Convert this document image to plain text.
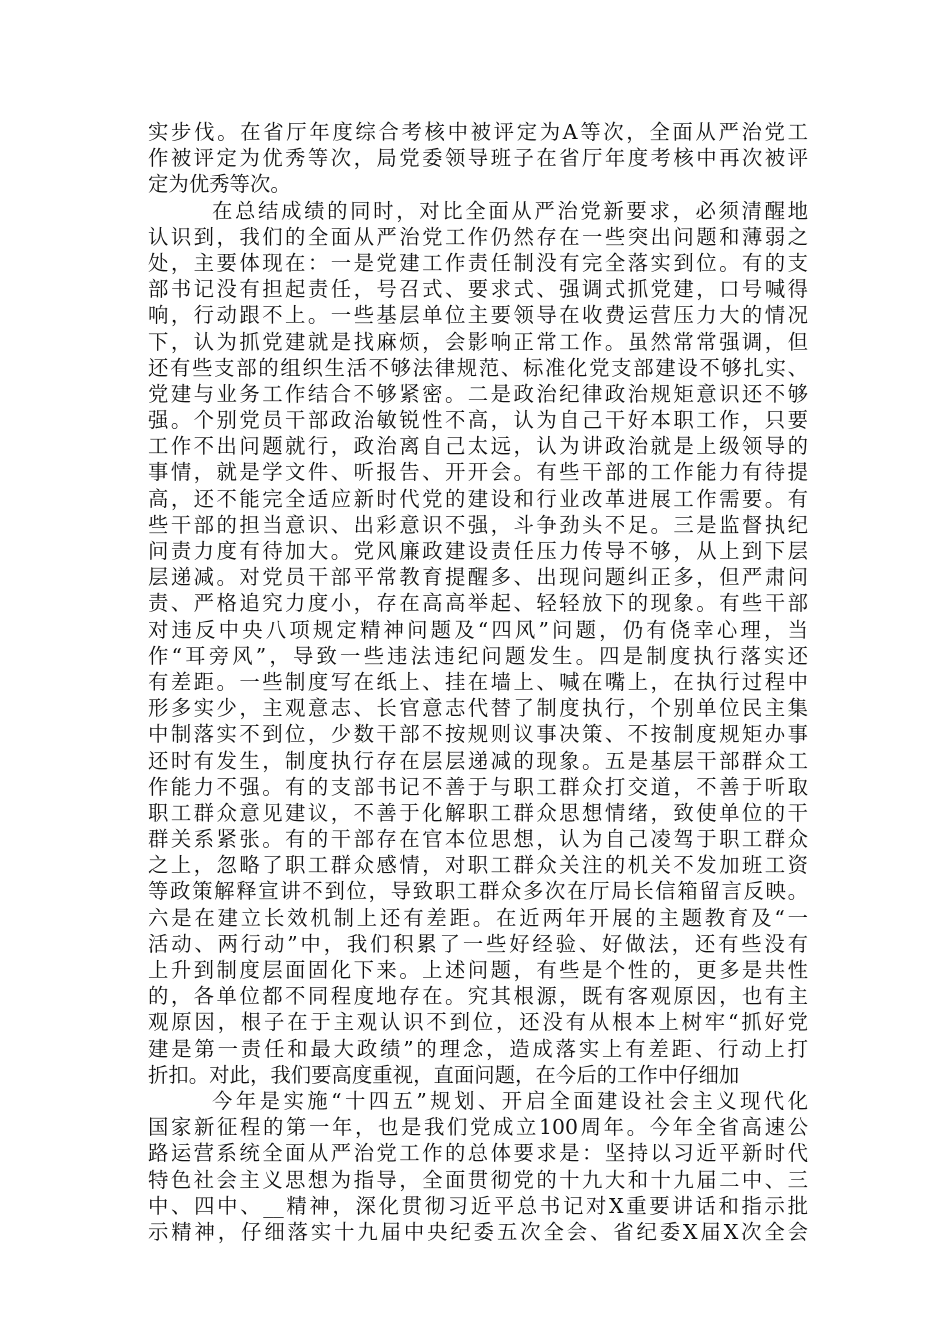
实步伐。在省厅年度综合考核中被评定为A等次，全面从严治党工
作被评定为优秀等次，局党委领导班子在省厅年度考核中再次被评
定为优秀等次。
在总结成绩的同时，对比全面从严治党新要求，必须清醒地
认识到，我们的全面从严治党工作仍然存在一些突出问题和薄弱之
处，主要体现在：一是党建工作责任制没有完全落实到位。有的支
部书记没有担起责任，号召式、要求式、强调式抓党建，口号喊得
响，行动跟不上。一些基层单位主要领导在收费运营压力大的情况
下，认为抓党建就是找麻烦，会影响正常工作。虽然常常强调，但
还有些支部的组织生活不够法律规范、标准化党支部建设不够扎实、
党建与业务工作结合不够紧密。二是政治纪律政治规矩意识还不够
强。个别党员干部政治敏锐性不高，认为自己干好本职工作，只要
工作不出问题就行，政治离自己太远，认为讲政治就是上级领导的
事情，就是学文件、听报告、开开会。有些干部的工作能力有待提
高，还不能完全适应新时代党的建设和行业改革进展工作需要。有
些干部的担当意识、出彩意识不强，斗争劲头不足。三是监督执纪
问责力度有待加大。党风廉政建设责任压力传导不够，从上到下层
层递减。对党员干部平常教育提醒多、出现问题纠正多，但严肃问
责、严格追究力度小，存在高高举起、轻轻放下的现象。有些干部
对违反中央八项规定精神问题及“四风”问题，仍有侥幸心理，当
作“耳旁风”，导致一些违法违纪问题发生。四是制度执行落实还
有差距。一些制度写在纸上、挂在墙上、喊在嘴上，在执行过程中
形多实少，主观意志、长官意志代替了制度执行，个别单位民主集
中制落实不到位，少数干部不按规则议事决策、不按制度规矩办事
还时有发生，制度执行存在层层递减的现象。五是基层干部群众工
作能力不强。有的支部书记不善于与职工群众打交道，不善于听取
职工群众意见建议，不善于化解职工群众思想情绪，致使单位的干
群关系紧张。有的干部存在官本位思想，认为自己凌驾于职工群众
之上，忽略了职工群众感情，对职工群众关注的机关不发加班工资
等政策解释宣讲不到位，导致职工群众多次在厅局长信箱留言反映。
六是在建立长效机制上还有差距。在近两年开展的主题教育及“一
活动、两行动”中，我们积累了一些好经验、好做法，还有些没有
上升到制度层面固化下来。上述问题，有些是个性的，更多是共性
的，各单位都不同程度地存在。究其根源，既有客观原因，也有主
观原因，根子在于主观认识不到位，还没有从根本上树牢“抓好党
建是第一责任和最大政绩”的理念，造成落实上有差距、行动上打
折扣。对此，我们要高度重视，直面问题，在今后的工作中仔细加
今年是实施“十四五”规划、开启全面建设社会主义现代化
国家新征程的第一年，也是我们党成立100周年。今年全省高速公
路运营系统全面从严治党工作的总体要求是：坚持以习近平新时代
特色社会主义思想为指导，全面贯彻党的十九大和十九届二中、三
中、四中、__精神，深化贯彻习近平总书记对X重要讲话和指示批
示精神，仔细落实十九届中央纪委五次全会、省纪委X届X次全会
